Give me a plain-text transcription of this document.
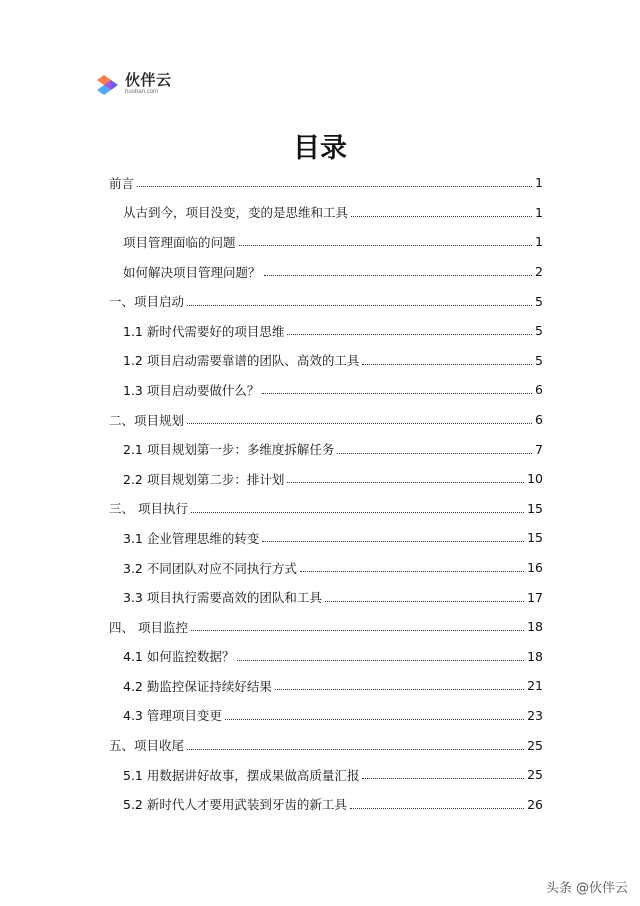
伙伴云
huoban.com
目录
前言	1
从古到今，项目没变，变的是思维和工具	1
项目管理面临的问题	1
如何解决项目管理问题？	2
一、项目启动	5
1.1 新时代需要好的项目思维	5
1.2 项目启动需要靠谱的团队、高效的工具	5
1.3 项目启动要做什么？	6
二、项目规划	6
2.1 项目规划第一步：多维度拆解任务	7
2.2 项目规划第二步：排计划	10
三、 项目执行	15
3.1 企业管理思维的转变	15
3.2 不同团队对应不同执行方式	16
3.3 项目执行需要高效的团队和工具	17
四、 项目监控	18
4.1 如何监控数据？	18
4.2 勤监控保证持续好结果	21
4.3 管理项目变更	23
五、项目收尾	25
5.1 用数据讲好故事，摆成果做高质量汇报	25
5.2 新时代人才要用武装到牙齿的新工具	26
头条 @伙伴云
